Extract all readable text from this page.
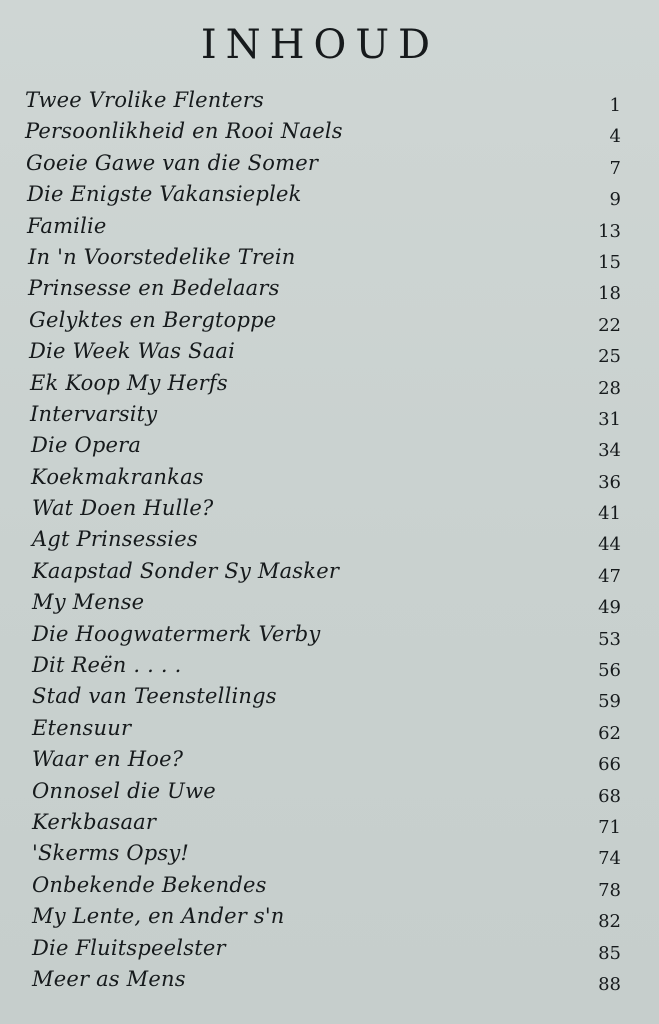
INHOUD
Twee Vrolike Flenters	1
Persoonlikheid en Rooi Naels	4
Goeie Gawe van die Somer	7
Die Enigste Vakansieplek	9
Familie	13
In 'n Voorstedelike Trein	15
Prinsesse en Bedelaars	18
Gelyktes en Bergtoppe	22
Die Week Was Saai	25
Ek Koop My Herfs	28
Intervarsity	31
Die Opera	34
Koekmakrankas	36
Wat Doen Hulle?	41
Agt Prinsessies	44
Kaapstad Sonder Sy Masker	47
My Mense	49
Die Hoogwatermerk Verby	53
Dit Reën . . . .	56
Stad van Teenstellings	59
Etensuur	62
Waar en Hoe?	66
Onnosel die Uwe	68
Kerkbasaar	71
'Skerms Opsy!	74
Onbekende Bekendes	78
My Lente, en Ander s'n	82
Die Fluitspeelster	85
Meer as Mens	88
